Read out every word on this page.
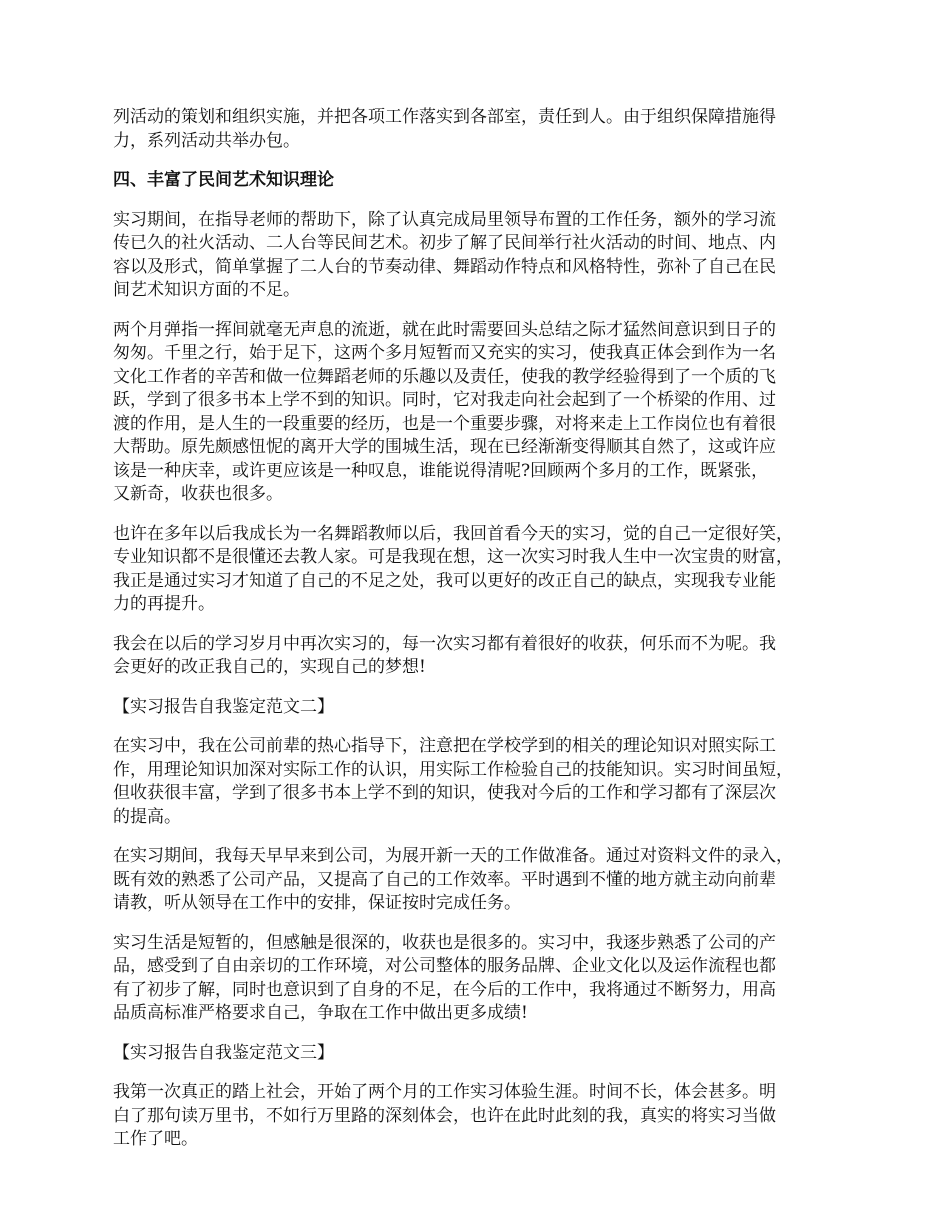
列活动的策划和组织实施，并把各项工作落实到各部室，责任到人。由于组织保障措施得
力，系列活动共举办包。

四、丰富了民间艺术知识理论

实习期间，在指导老师的帮助下，除了认真完成局里领导布置的工作任务，额外的学习流
传已久的社火活动、二人台等民间艺术。初步了解了民间举行社火活动的时间、地点、内
容以及形式，简单掌握了二人台的节奏动律、舞蹈动作特点和风格特性，弥补了自己在民
间艺术知识方面的不足。

两个月弹指一挥间就毫无声息的流逝，就在此时需要回头总结之际才猛然间意识到日子的
匆匆。千里之行，始于足下，这两个多月短暂而又充实的实习，使我真正体会到作为一名
文化工作者的辛苦和做一位舞蹈老师的乐趣以及责任，使我的教学经验得到了一个质的飞
跃，学到了很多书本上学不到的知识。同时，它对我走向社会起到了一个桥梁的作用、过
渡的作用，是人生的一段重要的经历，也是一个重要步骤，对将来走上工作岗位也有着很
大帮助。原先颇感忸怩的离开大学的围城生活，现在已经渐渐变得顺其自然了，这或许应
该是一种庆幸，或许更应该是一种叹息，谁能说得清呢?回顾两个多月的工作，既紧张，
又新奇，收获也很多。

也许在多年以后我成长为一名舞蹈教师以后，我回首看今天的实习，觉的自己一定很好笑，
专业知识都不是很懂还去教人家。可是我现在想，这一次实习时我人生中一次宝贵的财富，
我正是通过实习才知道了自己的不足之处，我可以更好的改正自己的缺点，实现我专业能
力的再提升。

我会在以后的学习岁月中再次实习的，每一次实习都有着很好的收获，何乐而不为呢。我
会更好的改正我自己的，实现自己的梦想!

【实习报告自我鉴定范文二】

在实习中，我在公司前辈的热心指导下，注意把在学校学到的相关的理论知识对照实际工
作，用理论知识加深对实际工作的认识，用实际工作检验自己的技能知识。实习时间虽短，
但收获很丰富，学到了很多书本上学不到的知识，使我对今后的工作和学习都有了深层次
的提高。

在实习期间，我每天早早来到公司，为展开新一天的工作做准备。通过对资料文件的录入，
既有效的熟悉了公司产品，又提高了自己的工作效率。平时遇到不懂的地方就主动向前辈
请教，听从领导在工作中的安排，保证按时完成任务。

实习生活是短暂的，但感触是很深的，收获也是很多的。实习中，我逐步熟悉了公司的产
品，感受到了自由亲切的工作环境，对公司整体的服务品牌、企业文化以及运作流程也都
有了初步了解，同时也意识到了自身的不足，在今后的工作中，我将通过不断努力，用高
品质高标准严格要求自己，争取在工作中做出更多成绩!

【实习报告自我鉴定范文三】

我第一次真正的踏上社会，开始了两个月的工作实习体验生涯。时间不长，体会甚多。明
白了那句读万里书，不如行万里路的深刻体会，也许在此时此刻的我，真实的将实习当做
工作了吧。
